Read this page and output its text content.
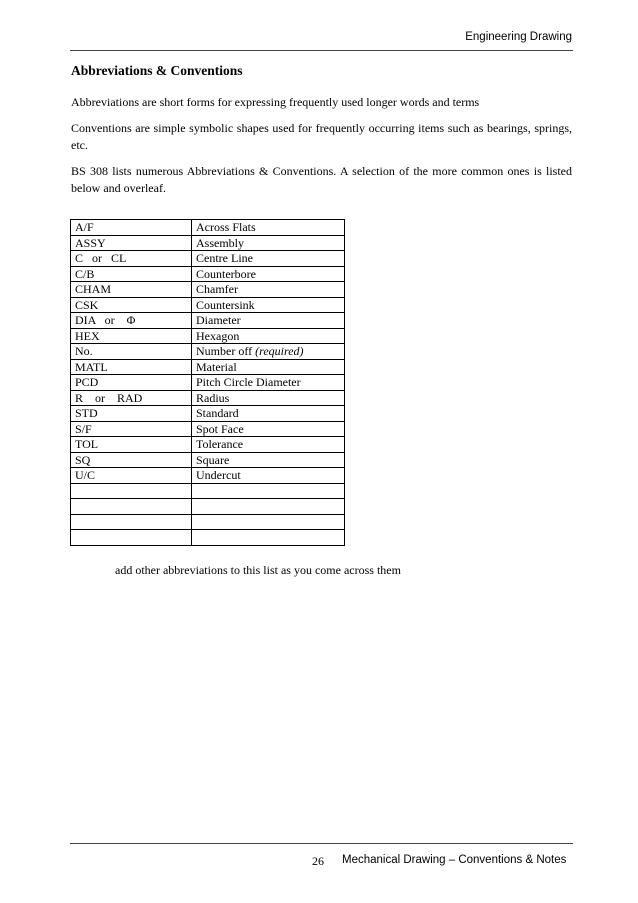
Engineering Drawing
Abbreviations & Conventions
Abbreviations are short forms for expressing frequently used longer words and terms
Conventions are simple symbolic shapes used for frequently occurring items such as bearings, springs, etc.
BS 308 lists numerous Abbreviations & Conventions. A selection of the more common ones is listed below and overleaf.
A/F	Across Flats
ASSY	Assembly
C   or   CL	Centre Line
C/B	Counterbore
CHAM	Chamfer
CSK	Countersink
DIA   or    Φ	Diameter
HEX	Hexagon
No.	Number off (required)
MATL	Material
PCD	Pitch Circle Diameter
R    or    RAD	Radius
STD	Standard
S/F	Spot Face
TOL	Tolerance
SQ	Square
U/C	Undercut

add other abbreviations to this list as you come across them
26 Mechanical Drawing – Conventions & Notes
